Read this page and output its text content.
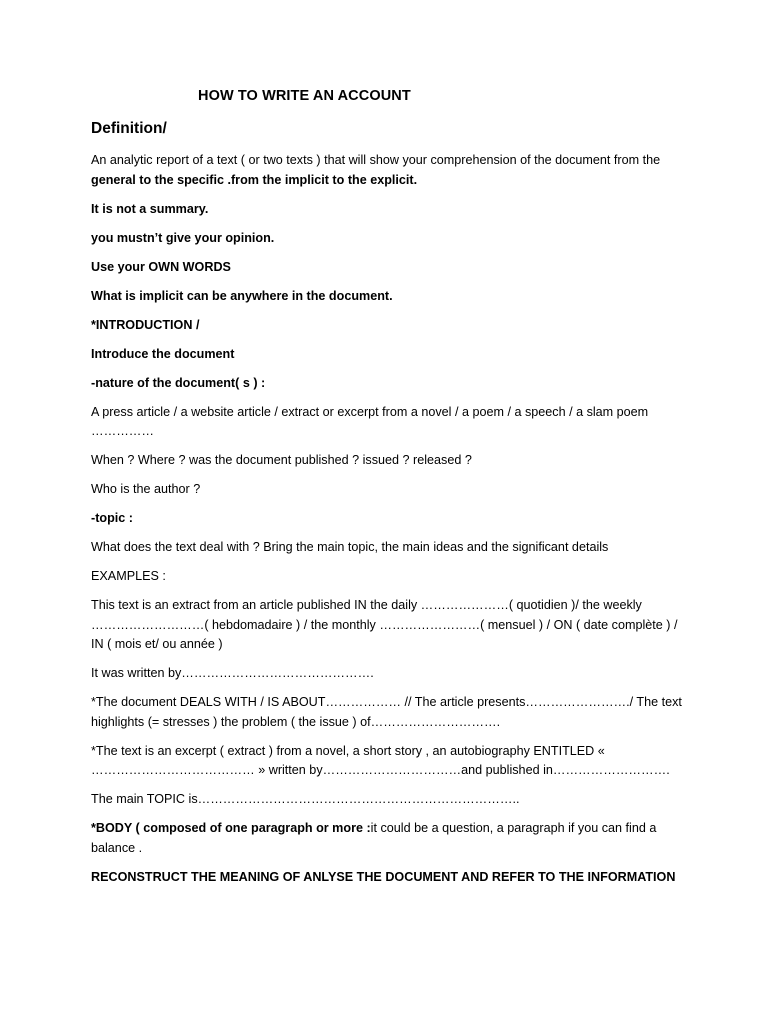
HOW TO WRITE AN ACCOUNT
Definition/

An analytic report of a text ( or two texts ) that will show your comprehension of the document from the general to the specific .from the implicit to the explicit.

It is not a summary.

you mustn’t give your opinion.

Use your OWN WORDS

What is implicit can be anywhere in the document.

*INTRODUCTION /

Introduce the document

-nature of the document( s ) :

A press article / a website article / extract or excerpt from a novel / a poem / a speech / a slam poem ……………

When ? Where ? was the document published ? issued ? released ?

Who is the author ?

-topic :

What does the text deal with ? Bring the main topic, the main ideas and the significant details

EXAMPLES :

This text is an extract from an article published IN the daily …………………( quotidien )/ the weekly ………………………( hebdomadaire ) / the monthly ……………………( mensuel ) / ON ( date complète ) / IN ( mois et/ ou année )

It was written by……………………………………….

*The document DEALS WITH / IS ABOUT……………… // The article presents……………………./ The text highlights (= stresses ) the problem ( the issue ) of………………………….

*The text is an excerpt ( extract ) from a novel, a short story , an autobiography ENTITLED « ………………………………… » written by……………………………and published in……………………….

The main TOPIC is…………………………………………………………………..

*BODY ( composed of one paragraph or more :it could be a question, a paragraph if you can find a balance .

RECONSTRUCT THE MEANING OF ANLYSE THE DOCUMENT AND REFER TO THE INFORMATION
